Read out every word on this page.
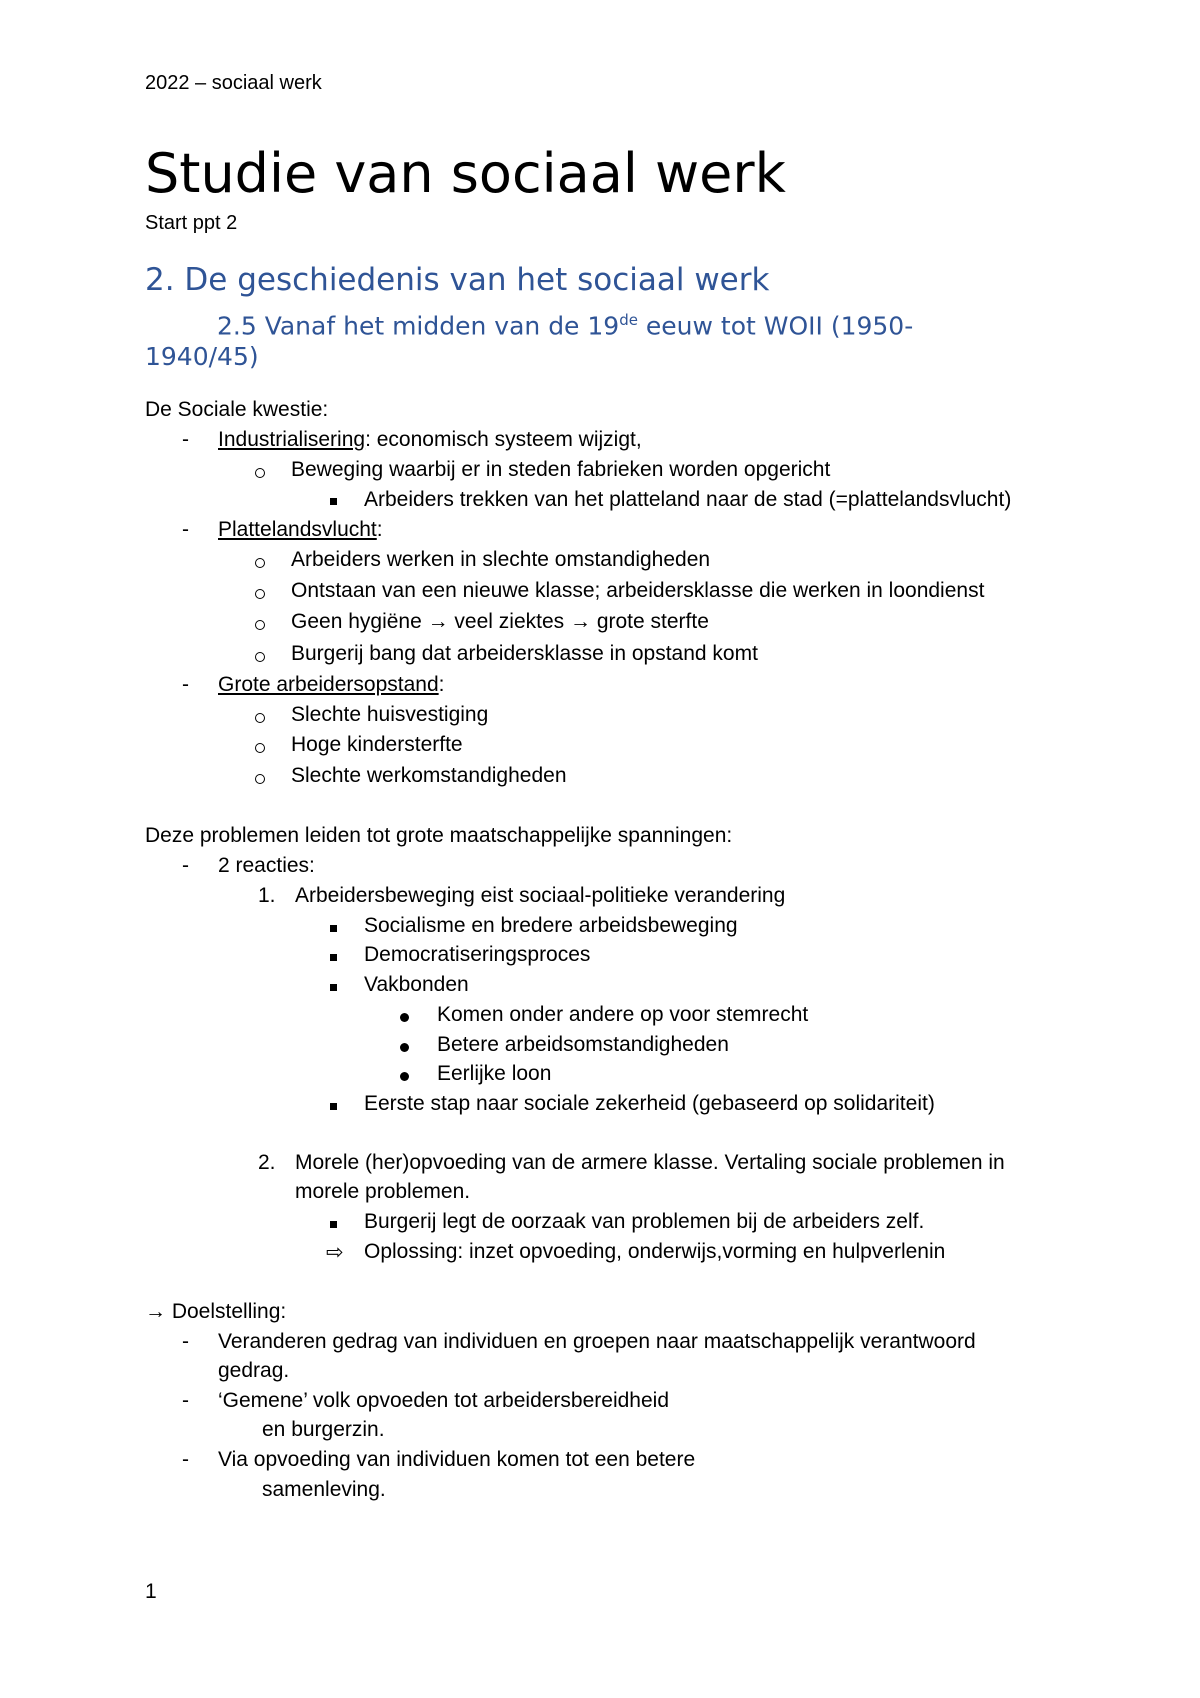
2022 – sociaal werk
Studie van sociaal werk
Start ppt 2
2. De geschiedenis van het sociaal werk
2.5 Vanaf het midden van de 19de eeuw tot WOII (1950-
1940/45)
De Sociale kwestie:
- Industrialisering: economisch systeem wijzigt,
Beweging waarbij er in steden fabrieken worden opgericht
Arbeiders trekken van het platteland naar de stad (=plattelandsvlucht)
- Plattelandsvlucht:
Arbeiders werken in slechte omstandigheden
Ontstaan van een nieuwe klasse; arbeidersklasse die werken in loondienst
Geen hygiëne → veel ziektes → grote sterfte
Burgerij bang dat arbeidersklasse in opstand komt
- Grote arbeidersopstand:
Slechte huisvestiging
Hoge kindersterfte
Slechte werkomstandigheden
Deze problemen leiden tot grote maatschappelijke spanningen:
- 2 reacties:
1. Arbeidersbeweging eist sociaal-politieke verandering
Socialisme en bredere arbeidsbeweging
Democratiseringsproces
Vakbonden
Komen onder andere op voor stemrecht
Betere arbeidsomstandigheden
Eerlijke loon
Eerste stap naar sociale zekerheid (gebaseerd op solidariteit)
2. Morele (her)opvoeding van de armere klasse. Vertaling sociale problemen in
morele problemen.
Burgerij legt de oorzaak van problemen bij de arbeiders zelf.
⇨ Oplossing: inzet opvoeding, onderwijs,vorming en hulpverlenin
→ Doelstelling:
- Veranderen gedrag van individuen en groepen naar maatschappelijk verantwoord
gedrag.
- ‘Gemene’ volk opvoeden tot arbeidersbereidheid
en burgerzin.
- Via opvoeding van individuen komen tot een betere
samenleving.
1
